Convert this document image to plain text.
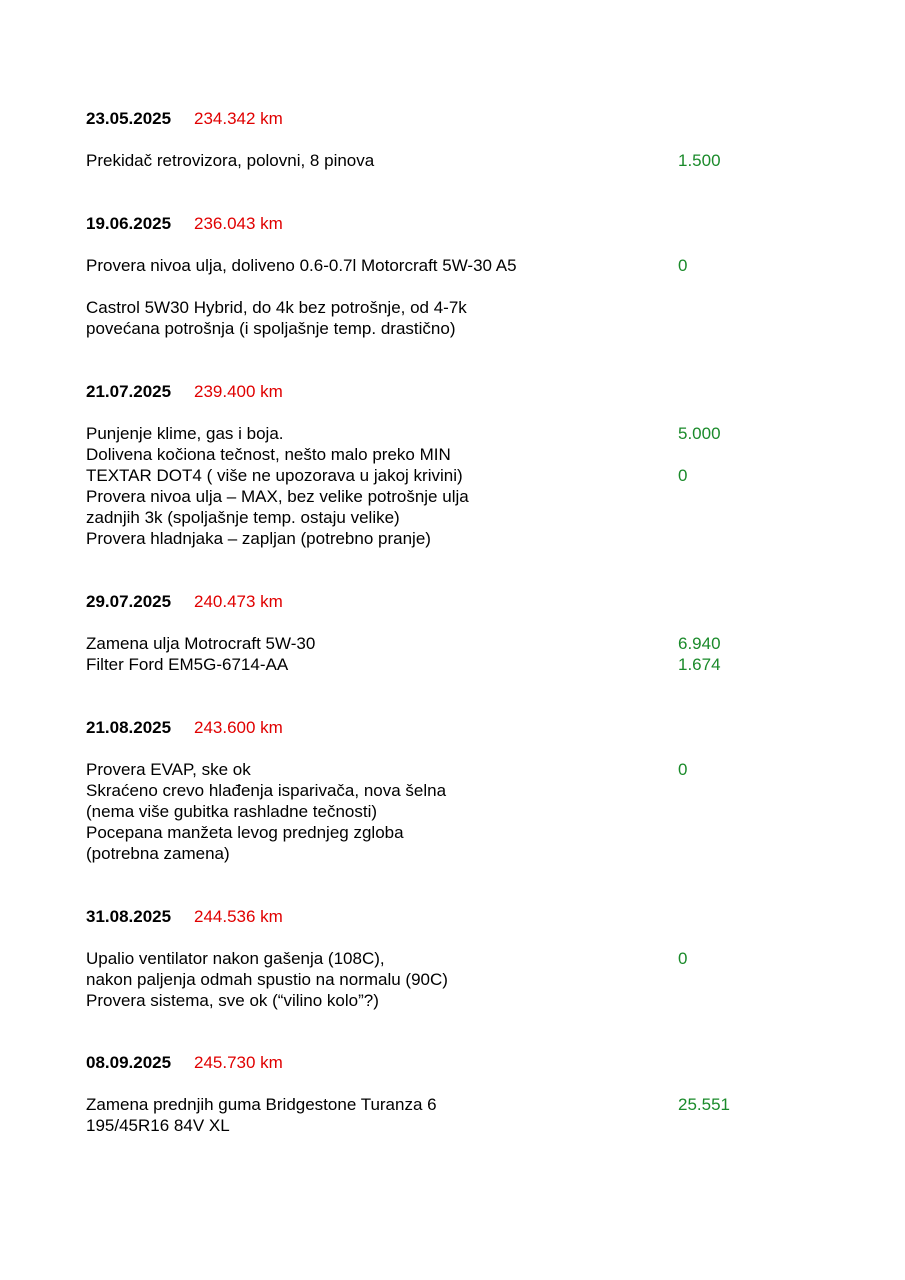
23.05.2025 234.342 km
Prekidač retrovizora, polovni, 8 pinova	1.500
19.06.2025 236.043 km
Provera nivoa ulja, doliveno 0.6-0.7l Motorcraft 5W-30 A5	0
Castrol 5W30 Hybrid, do 4k bez potrošnje, od 4-7k
povećana potrošnja (i spoljašnje temp. drastično)
21.07.2025 239.400 km
Punjenje klime, gas i boja.	5.000
Dolivena kočiona tečnost, nešto malo preko MIN
TEXTAR DOT4 ( više ne upozorava u jakoj krivini)	0
Provera nivoa ulja – MAX, bez velike potrošnje ulja
zadnjih 3k (spoljašnje temp. ostaju velike)
Provera hladnjaka – zapljan (potrebno pranje)
29.07.2025 240.473 km
Zamena ulja Motrocraft 5W-30	6.940
Filter Ford EM5G-6714-AA	1.674
21.08.2025 243.600 km
Provera EVAP, ske ok	0
Skraćeno crevo hlađenja isparivača, nova šelna
(nema više gubitka rashladne tečnosti)
Pocepana manžeta levog prednjeg zgloba
(potrebna zamena)
31.08.2025 244.536 km
Upalio ventilator nakon gašenja (108C),	0
nakon paljenja odmah spustio na normalu (90C)
Provera sistema, sve ok (“vilino kolo”?)
08.09.2025 245.730 km
Zamena prednjih guma Bridgestone Turanza 6	25.551
195/45R16 84V XL
